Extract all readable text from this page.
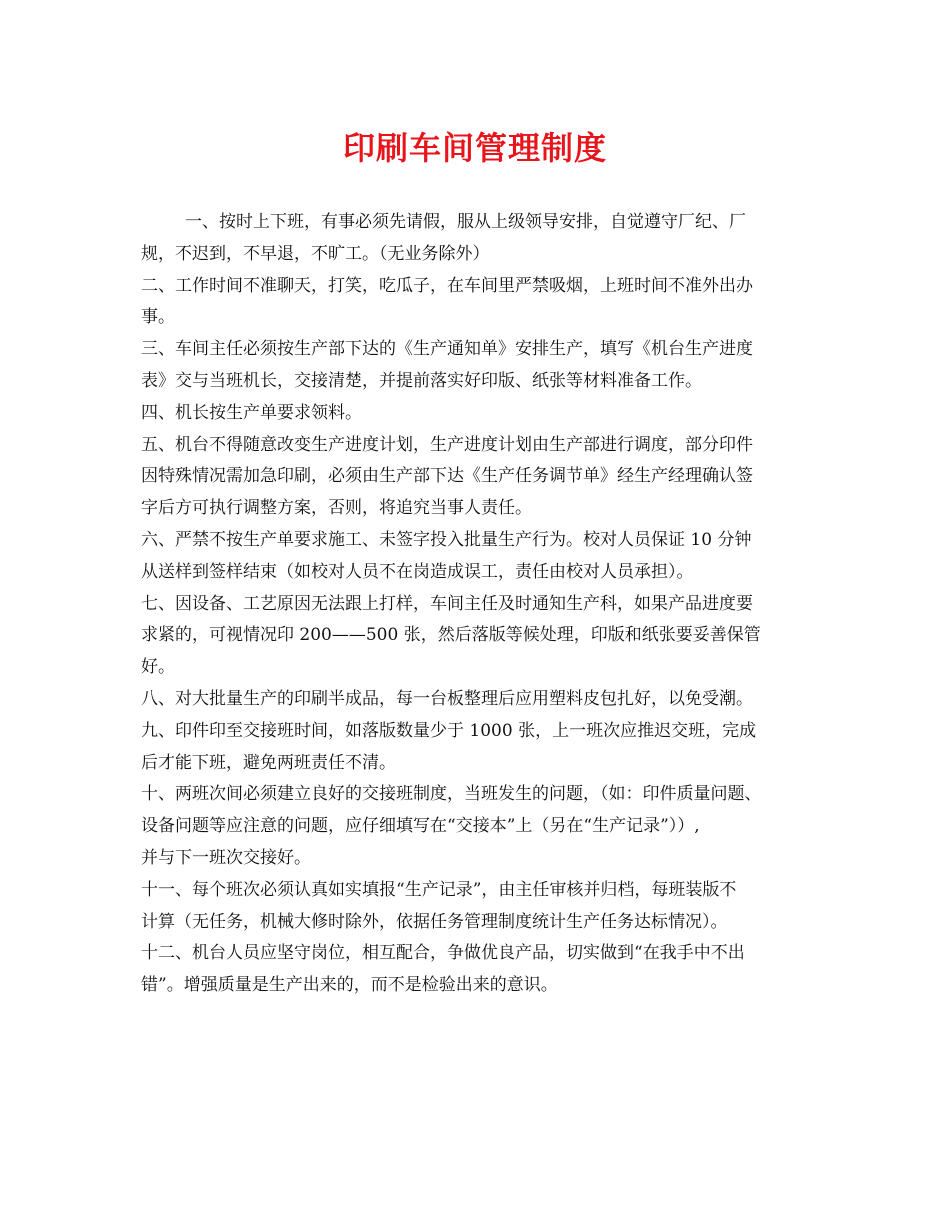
印刷车间管理制度
一、按时上下班，有事必须先请假，服从上级领导安排，自觉遵守厂纪、厂
规，不迟到，不早退，不旷工。（无业务除外）
二、工作时间不准聊天，打笑，吃瓜子，在车间里严禁吸烟，上班时间不准外出办
事。
三、车间主任必须按生产部下达的《生产通知单》安排生产，填写《机台生产进度
表》交与当班机长，交接清楚，并提前落实好印版、纸张等材料准备工作。
四、机长按生产单要求领料。
五、机台不得随意改变生产进度计划，生产进度计划由生产部进行调度，部分印件
因特殊情况需加急印刷，必须由生产部下达《生产任务调节单》经生产经理确认签
字后方可执行调整方案，否则，将追究当事人责任。
六、严禁不按生产单要求施工、未签字投入批量生产行为。校对人员保证 10 分钟
从送样到签样结束（如校对人员不在岗造成误工，责任由校对人员承担）。
七、因设备、工艺原因无法跟上打样，车间主任及时通知生产科，如果产品进度要
求紧的，可视情况印 200——500 张，然后落版等候处理，印版和纸张要妥善保管
好。
八、对大批量生产的印刷半成品，每一台板整理后应用塑料皮包扎好，以免受潮。
九、印件印至交接班时间，如落版数量少于 1000 张，上一班次应推迟交班，完成
后才能下班，避免两班责任不清。
十、两班次间必须建立良好的交接班制度，当班发生的问题，（如：印件质量问题、
设备问题等应注意的问题，应仔细填写在“交接本”上（另在“生产记录”））,
并与下一班次交接好。
十一、每个班次必须认真如实填报“生产记录”，由主任审核并归档，每班装版不
计算（无任务，机械大修时除外，依据任务管理制度统计生产任务达标情况）。
十二、机台人员应坚守岗位，相互配合，争做优良产品，切实做到“在我手中不出
错”。增强质量是生产出来的，而不是检验出来的意识。
